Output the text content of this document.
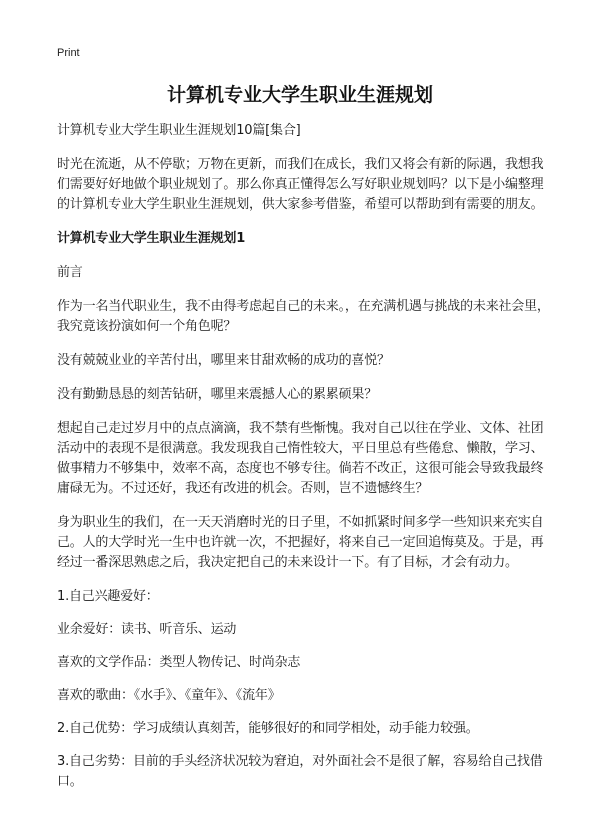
Print
计算机专业大学生职业生涯规划

计算机专业大学生职业生涯规划10篇[集合]

时光在流逝，从不停歇；万物在更新，而我们在成长，我们又将会有新的际遇，我想我们需要好好地做个职业规划了。那么你真正懂得怎么写好职业规划吗？以下是小编整理的计算机专业大学生职业生涯规划，供大家参考借鉴，希望可以帮助到有需要的朋友。

计算机专业大学生职业生涯规划1

前言

作为一名当代职业生，我不由得考虑起自己的未来。，在充满机遇与挑战的未来社会里，我究竟该扮演如何一个角色呢？

没有兢兢业业的辛苦付出，哪里来甘甜欢畅的成功的喜悦？

没有勤勤恳恳的刻苦钻研，哪里来震撼人心的累累硕果？

想起自己走过岁月中的点点滴滴，我不禁有些惭愧。我对自己以往在学业、文体、社团活动中的表现不是很满意。我发现我自己惰性较大，平日里总有些倦怠、懒散，学习、做事精力不够集中，效率不高，态度也不够专往。倘若不改正，这很可能会导致我最终庸碌无为。不过还好，我还有改进的机会。否则，岂不遗憾终生？

身为职业生的我们，在一天天消磨时光的日子里，不如抓紧时间多学一些知识来充实自己。人的大学时光一生中也许就一次，不把握好，将来自己一定回追悔莫及。于是，再经过一番深思熟虑之后，我决定把自己的未来设计一下。有了目标，才会有动力。

1.自己兴趣爱好：

业余爱好：读书、听音乐、运动

喜欢的文学作品：类型人物传记、时尚杂志

喜欢的歌曲：《水手》、《童年》、《流年》

2.自己优势：学习成绩认真刻苦，能够很好的和同学相处，动手能力较强。

3.自己劣势：目前的手头经济状况较为窘迫，对外面社会不是很了解，容易给自己找借口。
